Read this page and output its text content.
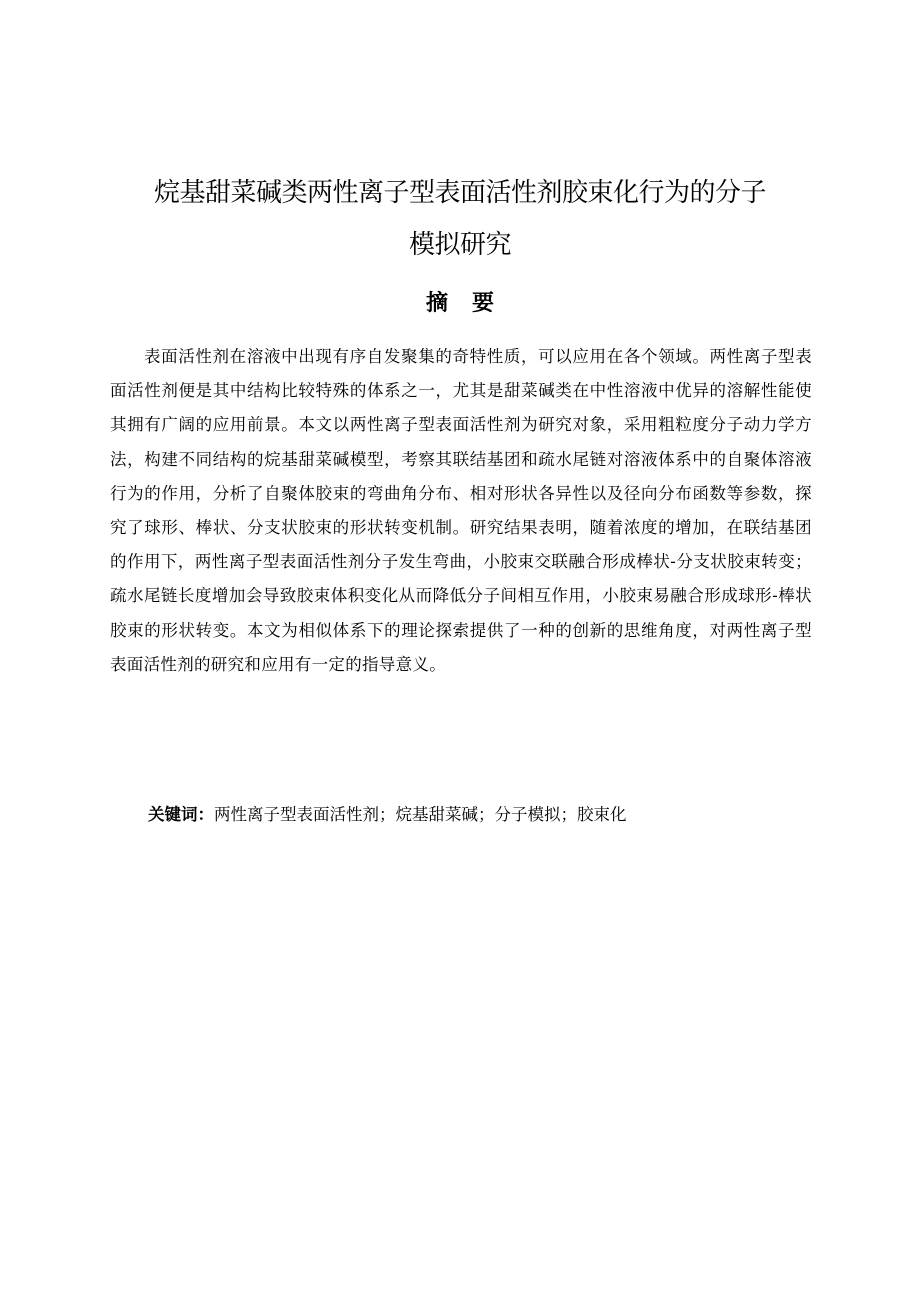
烷基甜菜碱类两性离子型表面活性剂胶束化行为的分子
模拟研究
摘要

表面活性剂在溶液中出现有序自发聚集的奇特性质，可以应用在各个领域。两性离子型表面活性剂便是其中结构比较特殊的体系之一，尤其是甜菜碱类在中性溶液中优异的溶解性能使其拥有广阔的应用前景。本文以两性离子型表面活性剂为研究对象，采用粗粒度分子动力学方法，构建不同结构的烷基甜菜碱模型，考察其联结基团和疏水尾链对溶液体系中的自聚体溶液行为的作用，分析了自聚体胶束的弯曲角分布、相对形状各异性以及径向分布函数等参数，探究了球形、棒状、分支状胶束的形状转变机制。研究结果表明，随着浓度的增加，在联结基团的作用下，两性离子型表面活性剂分子发生弯曲，小胶束交联融合形成棒状-分支状胶束转变；疏水尾链长度增加会导致胶束体积变化从而降低分子间相互作用，小胶束易融合形成球形-棒状胶束的形状转变。本文为相似体系下的理论探索提供了一种的创新的思维角度，对两性离子型表面活性剂的研究和应用有一定的指导意义。

关键词：两性离子型表面活性剂；烷基甜菜碱；分子模拟；胶束化
